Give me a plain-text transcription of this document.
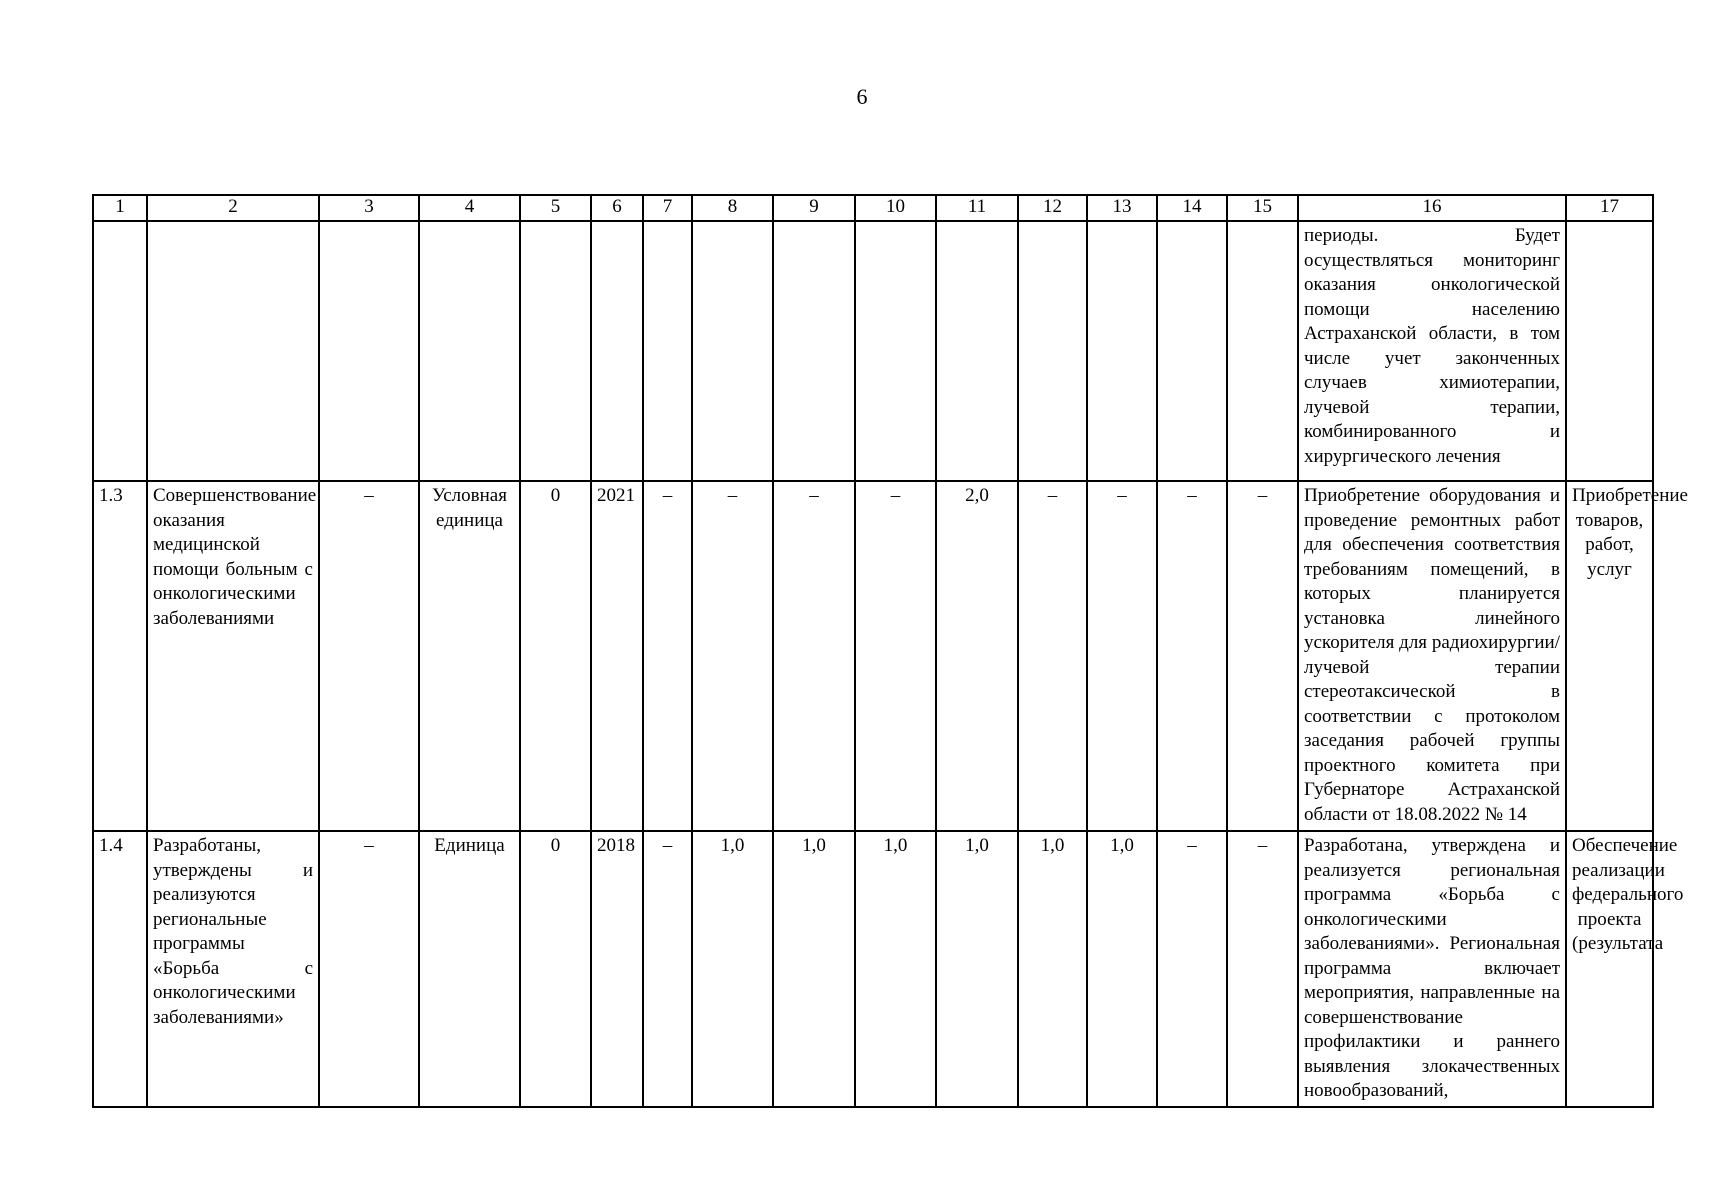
6
1	2	3	4	5	6	7	8	9	10	11	12	13	14	15	16	17
															периоды. Будет осуществляться мониторинг оказания онкологической помощи населению Астраханской области, в том числе учет законченных случаев химиотерапии, лучевой терапии, комбинированного и хирургического лечения	
1.3	Совершенствование оказания медицинской помощи больным с онкологическими заболеваниями	–	Условная единица	0	2021	–	–	–	–	2,0	–	–	–	–	Приобретение оборудования и проведение ремонтных работ для обеспечения соответствия требованиям помещений, в которых планируется установка линейного ускорителя для радиохирургии/лучевой терапии стереотаксической в соответствии с протоколом заседания рабочей группы проектного комитета при Губернаторе Астраханской области от 18.08.2022 № 14	Приобретение товаров, работ, услуг
1.4	Разработаны, утверждены и реализуются региональные программы «Борьба с онкологическими заболеваниями»	–	Единица	0	2018	–	1,0	1,0	1,0	1,0	1,0	1,0	–	–	Разработана, утверждена и реализуется региональная программа «Борьба с онкологическими заболеваниями». Региональная программа включает мероприятия, направленные на совершенствование профилактики и раннего выявления злокачественных новообразований,	Обеспечение реализации федерального проекта (результата
